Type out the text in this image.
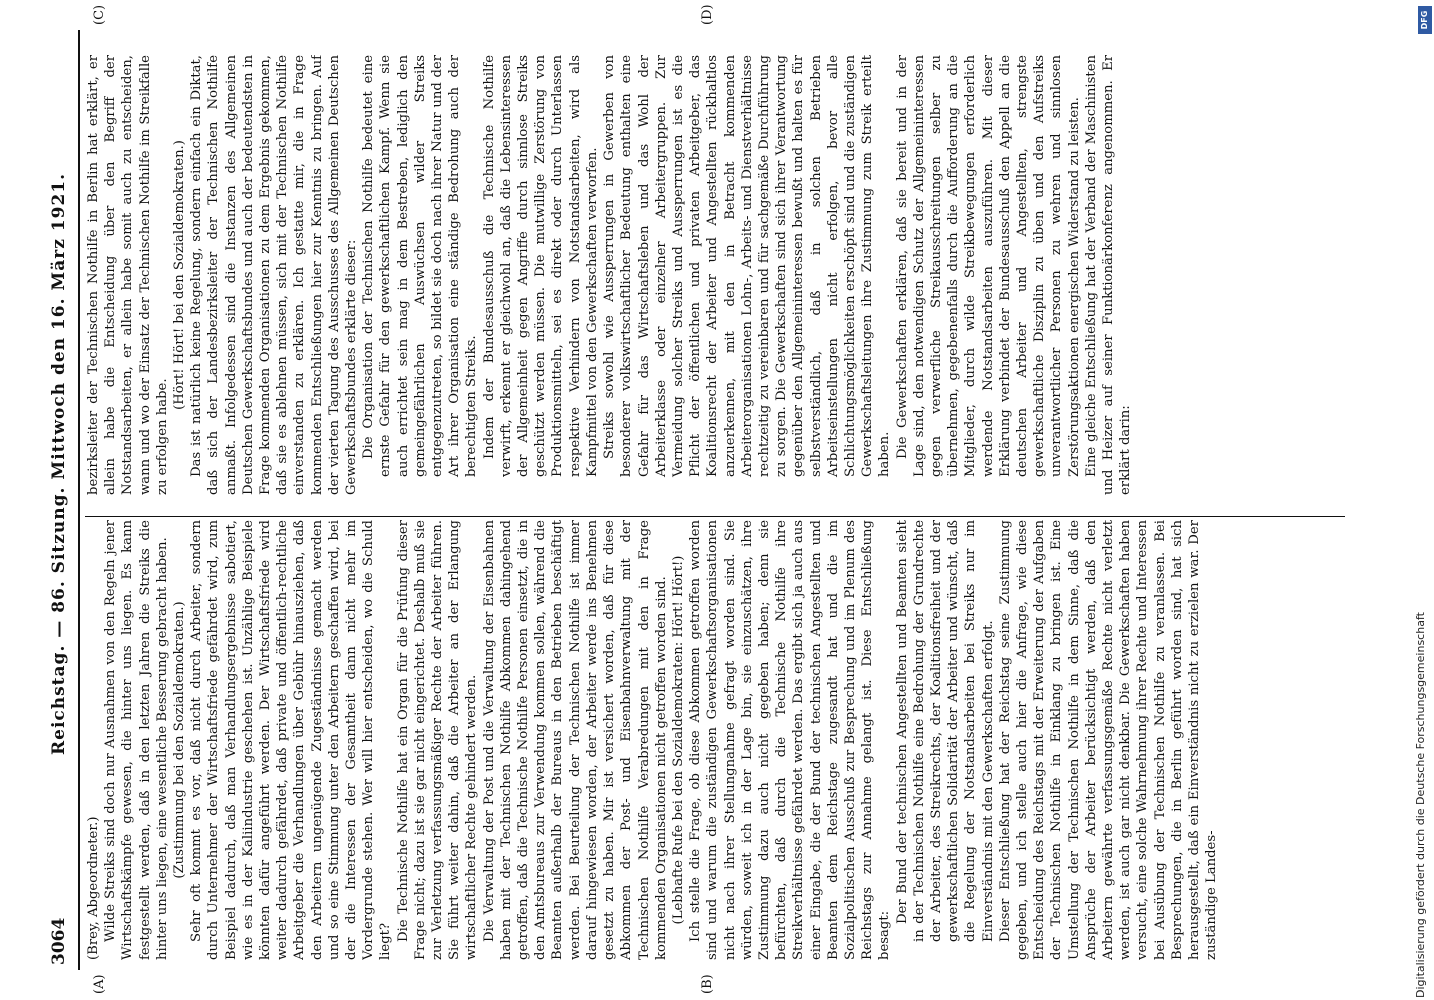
3064
Reichstag. — 86. Sitzung. Mittwoch den 16. März 1921.
(A)	(B)
(C)	(D)

(Brey, Abgeordneter.) Wilde Streiks sind doch nur Ausnahmen von den Regeln jener Wirtschaftskämpfe gewesen, die hinter uns liegen. Es kann festgestellt werden, daß in den letzten Jahren die Streiks die hinter uns liegen, eine wesentliche Besserung gebracht haben. (Zustimmung bei den Sozialdemokraten.) Sehr oft kommt es vor, daß nicht durch Arbeiter, sondern durch Unternehmer der Wirtschaftsfriede gefährdet wird, zum Beispiel dadurch, daß man Verhandlungsergebnisse sabotiert, wie es in der Kaliindustrie geschehen ist. Unzählige Beispiele könnten dafür angeführt werden. Der Wirtschaftsfriede wird weiter dadurch gefährdet, daß private und öffentlich-rechtliche Arbeitgeber die Verhandlungen über Gebühr hinausziehen, daß den Arbeitern ungenügende Zugeständnisse gemacht werden und so eine Stimmung unter den Arbeitern geschaffen wird, bei der die Interessen der Gesamtheit dann nicht mehr im Vordergrunde stehen. Wer will hier entscheiden, wo die Schuld liegt? Die Technische Nothilfe hat ein Organ für die Prüfung dieser Frage nicht; dazu ist sie gar nicht eingerichtet. Deshalb muß sie zur Verletzung verfassungsmäßiger Rechte der Arbeiter führen. Sie führt weiter dahin, daß die Arbeiter an der Erlangung wirtschaftlicher Rechte gehindert werden. Die Verwaltung der Post und die Verwaltung der Eisenbahnen haben mit der Technischen Nothilfe Abkommen dahingehend getroffen, daß die Technische Nothilfe Personen einsetzt, die in den Amtsbureaus zur Verwendung kommen sollen, während die Beamten außerhalb der Bureaus in den Betrieben beschäftigt werden. Bei Beurteilung der Technischen Nothilfe ist immer darauf hingewiesen worden, der Arbeiter werde ins Benehmen gesetzt zu haben. Mir ist versichert worden, daß für diese Abkommen der Post- und Eisenbahnverwaltung mit der Technischen Nothilfe Verabredungen mit den in Frage kommenden Organisationen nicht getroffen worden sind. (Lebhafte Rufe bei den Sozialdemokraten: Hört! Hört!) Ich stelle die Frage, ob diese Abkommen getroffen worden sind und warum die zuständigen Gewerkschaftsorganisationen nicht nach ihrer Stellungnahme gefragt worden sind. Sie würden, soweit ich in der Lage bin, sie einzuschätzen, ihre Zustimmung dazu auch nicht gegeben haben; denn sie befürchten, daß durch die Technische Nothilfe ihre Streikverhältnisse gefährdet werden. Das ergibt sich ja auch aus einer Eingabe, die der Bund der technischen Angestellten und Beamten dem Reichstage zugesandt hat und die im Sozialpolitischen Ausschuß zur Besprechung und im Plenum des Reichstags zur Annahme gelangt ist. Diese Entschließung besagt:

Der Bund der technischen Angestellten und Beamten sieht in der Technischen Nothilfe eine Bedrohung der Grundrechte der Arbeiter, des Streikrechts, der Koalitionsfreiheit und der gewerkschaftlichen Solidarität der Arbeiter und wünscht, daß die Regelung der Notstandsarbeiten bei Streiks nur im Einverständnis mit den Gewerkschaften erfolgt. Dieser Entschließung hat der Reichstag seine Zustimmung gegeben, und ich stelle auch hier die Anfrage, wie diese Entscheidung des Reichstags mit der Erweiterung der Aufgaben der Technischen Nothilfe in Einklang zu bringen ist. Eine Umstellung der Technischen Nothilfe in dem Sinne, daß die Ansprüche der Arbeiter berücksichtigt werden, daß den Arbeitern gewährte verfassungsgemäße Rechte nicht verletzt werden, ist auch gar nicht denkbar. Die Gewerkschaften haben versucht, eine solche Wahrnehmung ihrer Rechte und Interessen bei Ausübung der Technischen Nothilfe zu veranlassen. Bei Besprechungen, die in Berlin geführt worden sind, hat sich herausgestellt, daß ein Einverständnis nicht zu erzielen war. Der zuständige Landes-

bezirksleiter der Technischen Nothilfe in Berlin hat erklärt, er allein habe die Entscheidung über den Begriff der Notstandsarbeiten, er allein habe somit auch zu entscheiden, wann und wo der Einsatz der Technischen Nothilfe im Streikfalle zu erfolgen habe.

(Hört! Hört! bei den Sozialdemokraten.) Das ist natürlich keine Regelung, sondern einfach ein Diktat, daß sich der Landesbezirksleiter der Technischen Nothilfe anmaßt. Infolgedessen sind die Instanzen des Allgemeinen Deutschen Gewerkschaftsbundes und auch der bedeutendsten in Frage kommenden Organisationen zu dem Ergebnis gekommen, daß sie es ablehnen müssen, sich mit der Technischen Nothilfe einverstanden zu erklären. Ich gestatte mir, die in Frage kommenden Entschließungen hier zur Kenntnis zu bringen. Auf der vierten Tagung des Ausschusses des Allgemeinen Deutschen Gewerkschaftsbundes erklärte dieser: Die Organisation der Technischen Nothilfe bedeutet eine ernste Gefahr für den gewerkschaftlichen Kampf. Wenn sie auch errichtet sein mag in dem Bestreben, lediglich den gemeingefährlichen Auswüchsen wilder Streiks entgegenzutreten, so bildet sie doch nach ihrer Natur und der Art ihrer Organisation eine ständige Bedrohung auch der berechtigten Streiks. Indem der Bundesausschuß die Technische Nothilfe verwirft, erkennt er gleichwohl an, daß die Lebensinteressen der Allgemeinheit gegen Angriffe durch sinnlose Streiks geschützt werden müssen. Die mutwillige Zerstörung von Produktionsmitteln, sei es direkt oder durch Unterlassen respektive Verhindern von Notstandsarbeiten, wird als Kampfmittel von den Gewerkschaften verworfen. Streiks sowohl wie Aussperrungen in Gewerben von besonderer volkswirtschaftlicher Bedeutung enthalten eine Gefahr für das Wirtschaftsleben und das Wohl der Arbeiterklasse oder einzelner Arbeitergruppen. Zur Vermeidung solcher Streiks und Aussperrungen ist es die Pflicht der öffentlichen und privaten Arbeitgeber, das Koalitionsrecht der Arbeiter und Angestellten rückhaltlos anzuerkennen, mit den in Betracht kommenden Arbeiterorganisationen Lohn-, Arbeits- und Dienstverhältnisse rechtzeitig zu vereinbaren und für sachgemäße Durchführung zu sorgen. Die Gewerkschaften sind sich ihrer Verantwortung gegenüber den Allgemeininteressen bewußt und halten es für selbstverständlich, daß in solchen Betrieben Arbeitseinstellungen nicht erfolgen, bevor alle Schlichtungsmöglichkeiten erschöpft sind und die zuständigen Gewerkschaftsleitungen ihre Zustimmung zum Streik erteilt haben. Die Gewerkschaften erklären, daß sie bereit und in der Lage sind, den notwendigen Schutz der Allgemeininteressen gegen verwerfliche Streikausschreitungen selber zu übernehmen, gegebenenfalls durch die Aufforderung an die Mitglieder, durch wilde Streikbewegungen erforderlich werdende Notstandsarbeiten auszuführen. Mit dieser Erklärung verbindet der Bundesausschuß den Appell an die deutschen Arbeiter und Angestellten, strengste gewerkschaftliche Disziplin zu üben und den Aufstreiks unverantwortlicher Personen zu wehren und sinnlosen Zerstörungsaktionen energischen Widerstand zu leisten. Eine gleiche Entschließung hat der Verband der Maschinisten und Heizer auf seiner Funktionärkonferenz angenommen. Er erklärt darin:

DFG
Digitalisierung gefördert durch die Deutsche Forschungsgemeinschaft
